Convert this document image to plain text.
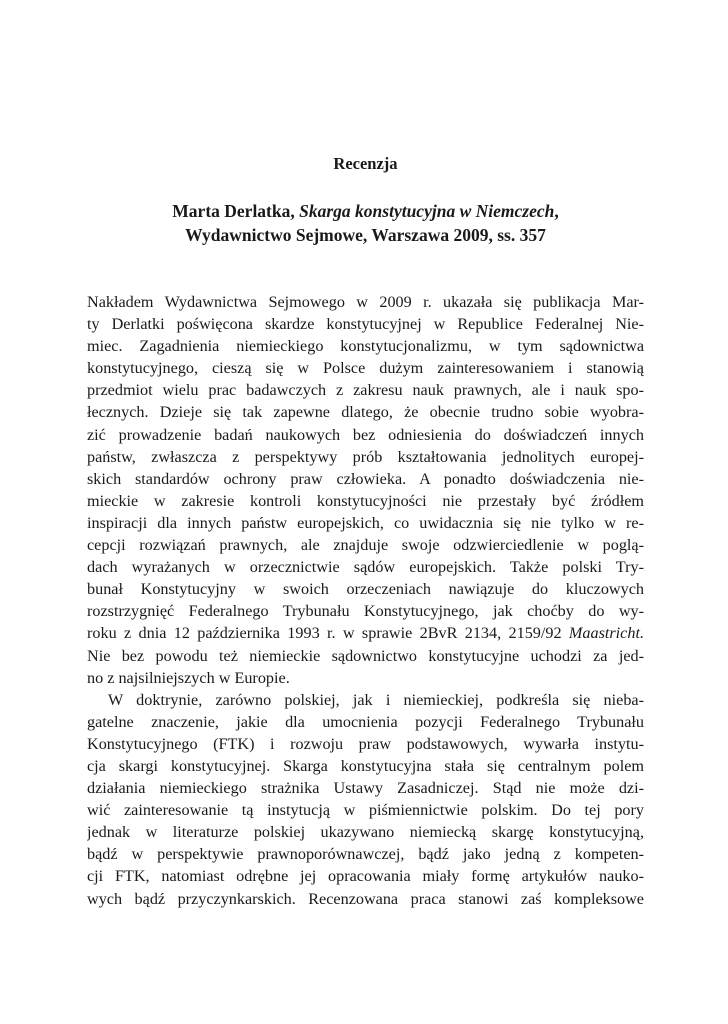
Recenzja
Marta Derlatka, Skarga konstytucyjna w Niemczech,
Wydawnictwo Sejmowe, Warszawa 2009, ss. 357
Nakładem Wydawnictwa Sejmowego w 2009 r. ukazała się publikacja Mar-
ty Derlatki poświęcona skardze konstytucyjnej w Republice Federalnej Nie-
miec. Zagadnienia niemieckiego konstytucjonalizmu, w tym sądownictwa
konstytucyjnego, cieszą się w Polsce dużym zainteresowaniem i stanowią
przedmiot wielu prac badawczych z zakresu nauk prawnych, ale i nauk spo-
łecznych. Dzieje się tak zapewne dlatego, że obecnie trudno sobie wyobra-
zić prowadzenie badań naukowych bez odniesienia do doświadczeń innych
państw, zwłaszcza z perspektywy prób kształtowania jednolitych europej-
skich standardów ochrony praw człowieka. A ponadto doświadczenia nie-
mieckie w zakresie kontroli konstytucyjności nie przestały być źródłem
inspiracji dla innych państw europejskich, co uwidacznia się nie tylko w re-
cepcji rozwiązań prawnych, ale znajduje swoje odzwierciedlenie w poglą-
dach wyrażanych w orzecznictwie sądów europejskich. Także polski Try-
bunał Konstytucyjny w swoich orzeczeniach nawiązuje do kluczowych
rozstrzygnięć Federalnego Trybunału Konstytucyjnego, jak choćby do wy-
roku z dnia 12 października 1993 r. w sprawie 2BvR 2134, 2159/92 Maastricht.
Nie bez powodu też niemieckie sądownictwo konstytucyjne uchodzi za jed-
no z najsilniejszych w Europie.
W doktrynie, zarówno polskiej, jak i niemieckiej, podkreśla się nieba-
gatelne znaczenie, jakie dla umocnienia pozycji Federalnego Trybunału
Konstytucyjnego (FTK) i rozwoju praw podstawowych, wywarła instytu-
cja skargi konstytucyjnej. Skarga konstytucyjna stała się centralnym polem
działania niemieckiego strażnika Ustawy Zasadniczej. Stąd nie może dzi-
wić zainteresowanie tą instytucją w piśmiennictwie polskim. Do tej pory
jednak w literaturze polskiej ukazywano niemiecką skargę konstytucyjną,
bądź w perspektywie prawnoporównawczej, bądź jako jedną z kompeten-
cji FTK, natomiast odrębne jej opracowania miały formę artykułów nauko-
wych bądź przyczynkarskich. Recenzowana praca stanowi zaś kompleksowe
